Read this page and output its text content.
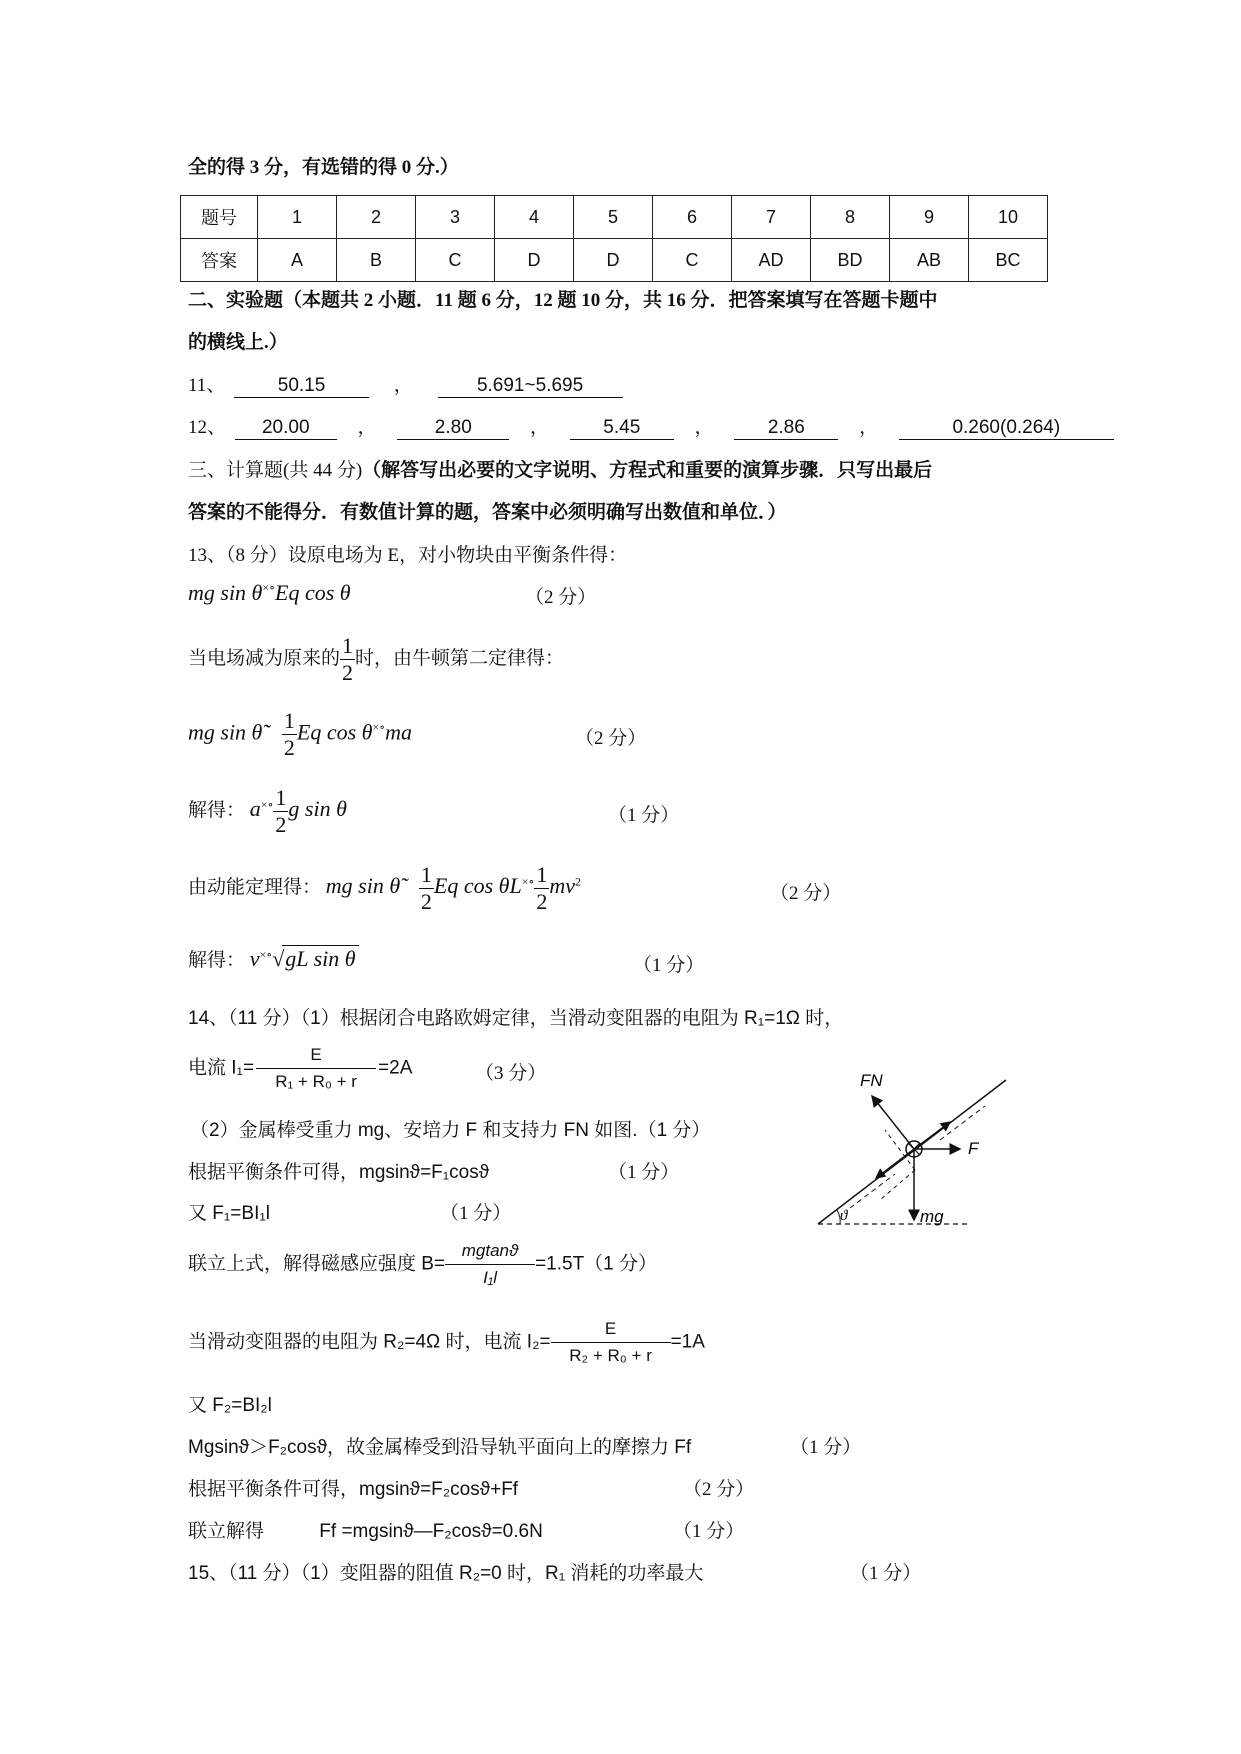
全的得 3 分，有选错的得 0 分.）
题号	1	2	3	4	5	6	7	8	9	10
答案	A	B	C	D	D	C	AD	BD	AB	BC
二、实验题（本题共 2 小题．11 题 6 分，12 题 10 分，共 16 分．把答案填写在答题卡题中
的横线上.）
11、	50.15	，	5.691~5.695
12、 20.00	，	2.80	，	5.45	，	2.86	，	0.260(0.264)
三、计算题(共 44 分)（解答写出必要的文字说明、方程式和重要的演算步骤．只写出最后
答案的不能得分．有数值计算的题，答案中必须明确写出数值和单位．）
13、（8 分）设原电场为 E，对小物块由平衡条件得：
mg sin θ×∘Eq cos θ	（2 分）
当电场减为原来的 $\frac{1}{2}$ 时，由牛顿第二定律得：
mg sin θ̃ $\frac{1}{2}$ Eq cos θ×∘ma	（2 分）
解得： $a^{\times\circ} \frac{1}{2}$ g sin θ	（1 分）
由动能定理得： mg sin θ̃ $\frac{1}{2}$ Eq $\cos \theta L^{\times\circ} \frac{1}{2} mv^2$
（2 分）
解得： v×∘√gL sin θ	（1 分）
14、（11 分）（1）根据闭合电路欧姆定律，当滑动变阻器的电阻为 R₁=1Ω 时，
电流 $I_1= \frac{E}{\text{R₁ + R₀ + r}} =2A$	（3 分）
（2）金属棒受重力 mg、安培力 F 和支持力 FN 如图.（1 分）
根据平衡条件可得，mgsinϑ=F₁cosϑ	（1 分）
又 F₁=BI₁l	（1 分）
联立上式，解得磁感应强度 $B= \frac{mgtanϑ}{\text{I₁l}} =1.5T(1$ 分）
当滑动变阻器的电阻为 R₂=4Ω 时，电流 $I_2= \frac{E}{\text{R₂ + R₀ + r}} =1A$
又 F₂=BI₂l
Mgsinϑ＞F₂cosϑ，故金属棒受到沿导轨平面向上的摩擦力 Ff	（1 分）
根据平衡条件可得，mgsinϑ=F₂cosϑ+Ff	（2 分）
联立解得	Ff =mgsinϑ—F₂cosϑ=0.6N	（1 分）
15、（11 分）（1）变阻器的阻值 R₂=0 时，R₁ 消耗的功率最大	（1 分）
FN
F
mg
ϑ
